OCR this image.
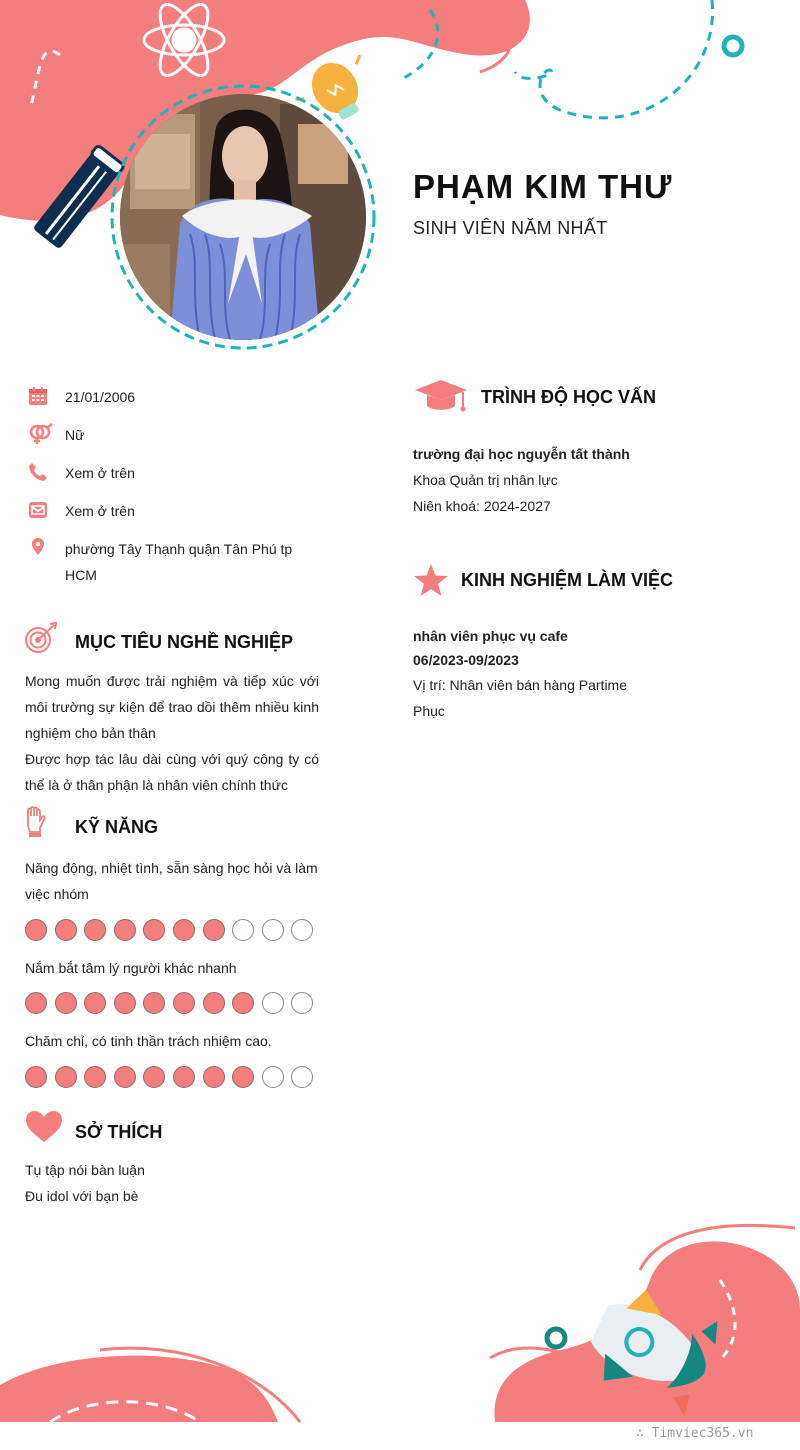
PHẠM KIM THƯ
SINH VIÊN NĂM NHẤT
21/01/2006
Nữ
Xem ở trên
Xem ở trên
phường Tây Thạnh quận Tân Phú tp HCM
MỤC TIÊU NGHỀ NGHIỆP
Mong muốn được trải nghiệm và tiếp xúc với môi trường sự kiện để trao dồi thêm nhiều kinh nghiệm cho bản thân
Được hợp tác lâu dài cùng với quý công ty có thể là ở thân phận là nhân viên chính thức
KỸ NĂNG
Năng động, nhiệt tình, sẵn sàng học hỏi và làm việc nhóm
Nắm bắt tâm lý người khác nhanh
Chăm chỉ, có tinh thần trách nhiệm cao.
SỞ THÍCH
Tụ tập nói bàn luận
Đu idol với bạn bè
TRÌNH ĐỘ HỌC VẤN
trường đại học nguyễn tất thành
Khoa Quản trị nhân lực
Niên khoá: 2024-2027
KINH NGHIỆM LÀM VIỆC
nhân viên phục vụ cafe
06/2023-09/2023
Vị trí: Nhân viên bán hàng Partime
Phục
∴ Timviec365.vn
